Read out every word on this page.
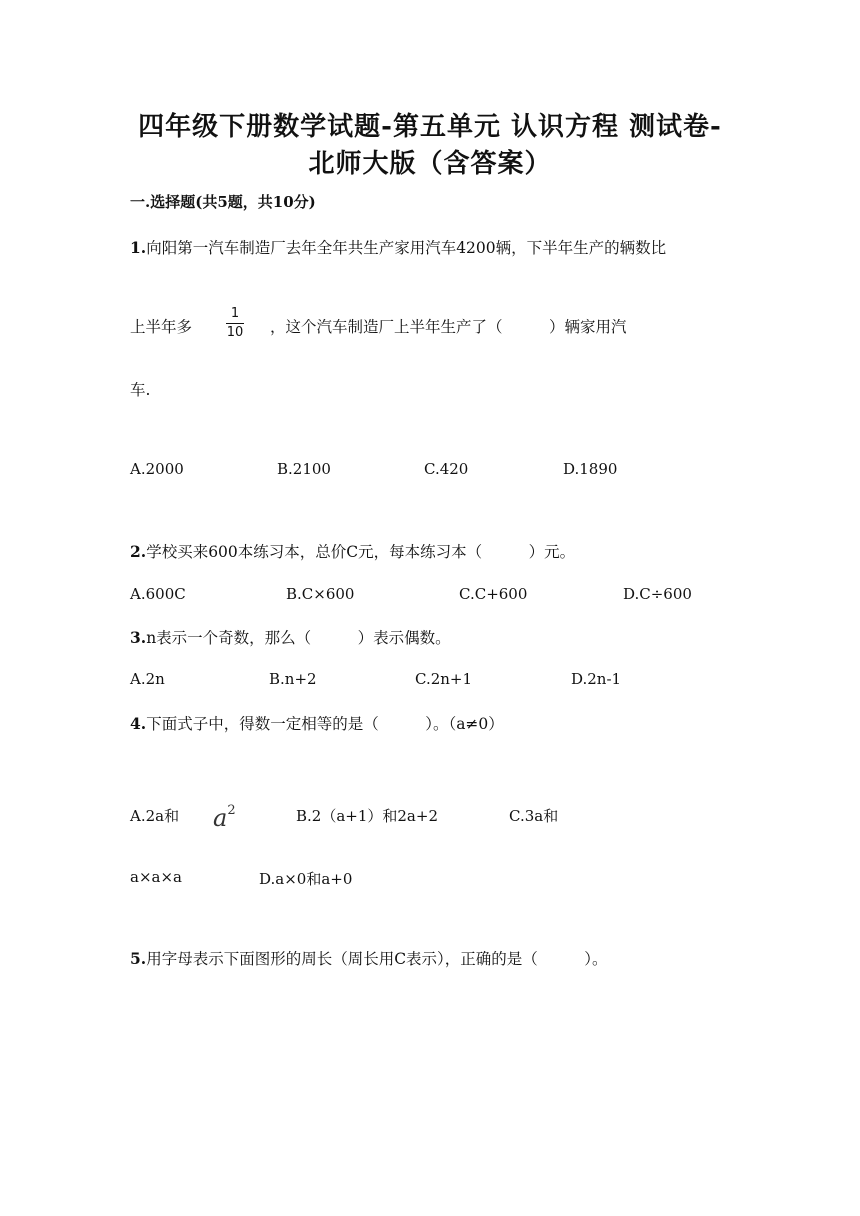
四年级下册数学试题-第五单元 认识方程 测试卷-
北师大版（含答案）
一.选择题(共5题，共10分)
1.向阳第一汽车制造厂去年全年共生产家用汽车4200辆，下半年生产的辆数比
上半年多
1
10 ，这个汽车制造厂上半年生产了（　　　）辆家用汽
车.
A.2000	B.2100	C.420	D.1890
2.学校买来600本练习本，总价C元，每本练习本（　　　）元。
A.600C	B.C×600	C.C+600	D.C÷600
3.n表示一个奇数，那么（　　　）表示偶数。
A.2n	B.n+2	C.2n+1	D.2n-1
4.下面式子中，得数一定相等的是（　　　）。（a≠0）
A.2a和 $a^2$	B.2（a+1）和2a+2	C.3a和
a×a×a	D.a×0和a+0
5.用字母表示下面图形的周长（周长用C表示），正确的是（　　　）。
